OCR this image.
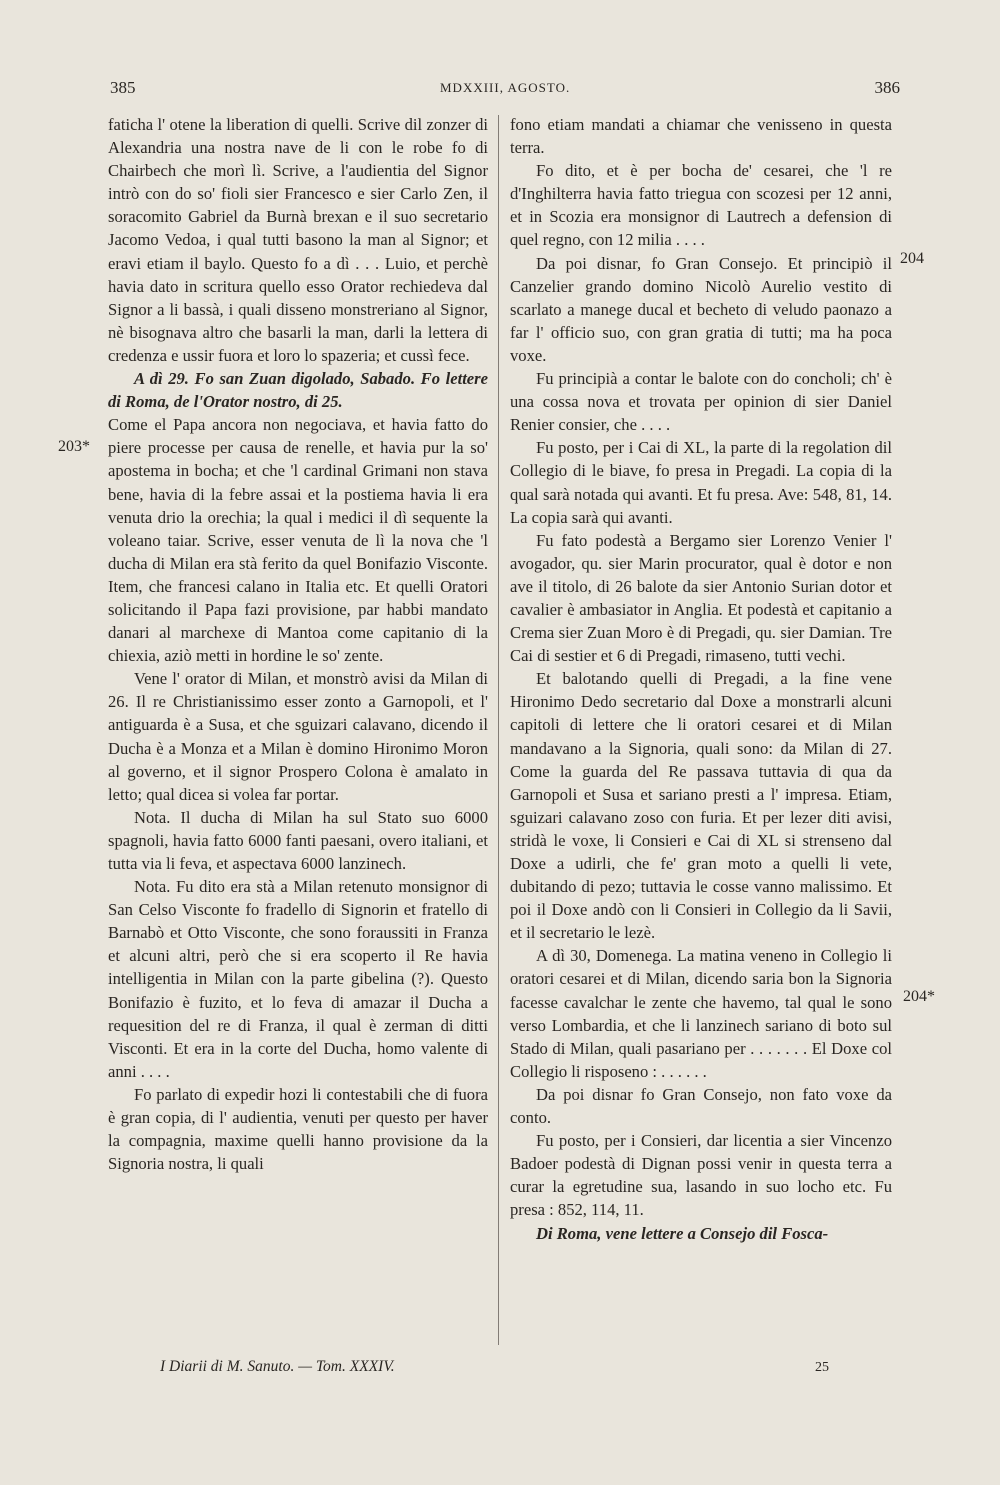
385	MDXXIII, AGOSTO.	386
203*
204
204*

faticha l' otene la liberation di quelli. Scrive dil zonzer di Alexandria una nostra nave de li con le robe fo di Chairbech che morì lì. Scrive, a l'audientia del Signor intrò con do so' fioli sier Francesco e sier Carlo Zen, il soracomito Gabriel da Burnà brexan e il suo secretario Jacomo Vedoa, i qual tutti basono la man al Signor; et eravi etiam il baylo. Questo fo a dì . . . Luio, et perchè havia dato in scritura quello esso Orator rechiedeva dal Signor a li bassà, i quali disseno monstreriano al Signor, nè bisognava altro che basarli la man, darli la lettera di credenza e ussir fuora et loro lo spazeria; et cussì fece.

A dì 29. Fo san Zuan digolado, Sabado. Fo lettere di Roma, de l'Orator nostro, di 25.

Come el Papa ancora non negociava, et havia fatto do piere processe per causa de renelle, et havia pur la so' apostema in bocha; et che 'l cardinal Grimani non stava bene, havia di la febre assai et la postiema havia li era venuta drio la orechia; la qual i medici il dì sequente la voleano taiar. Scrive, esser venuta de lì la nova che 'l ducha di Milan era stà ferito da quel Bonifazio Visconte. Item, che francesi calano in Italia etc. Et quelli Oratori solicitando il Papa fazi provisione, par habbi mandato danari al marchexe di Mantoa come capitanio di la chiexia, aziò metti in hordine le so' zente.

Vene l' orator di Milan, et monstrò avisi da Milan di 26. Il re Christianissimo esser zonto a Garnopoli, et l' antiguarda è a Susa, et che sguizari calavano, dicendo il Ducha è a Monza et a Milan è domino Hironimo Moron al governo, et il signor Prospero Colona è amalato in letto; qual dicea si volea far portar.

Nota. Il ducha di Milan ha sul Stato suo 6000 spagnoli, havia fatto 6000 fanti paesani, overo italiani, et tutta via li feva, et aspectava 6000 lanzinech.

Nota. Fu dito era stà a Milan retenuto monsignor di San Celso Visconte fo fradello di Signorin et fratello di Barnabò et Otto Visconte, che sono foraussiti in Franza et alcuni altri, però che si era scoperto il Re havia intelligentia in Milan con la parte gibelina (?). Questo Bonifazio è fuzito, et lo feva di amazar il Ducha a requesition del re di Franza, il qual è zerman di ditti Visconti. Et era in la corte del Ducha, homo valente di anni . . . .

Fo parlato di expedir hozi li contestabili che di fuora è gran copia, di l' audientia, venuti per questo per haver la compagnia, maxime quelli hanno provisione da la Signoria nostra, li quali

fono etiam mandati a chiamar che venisseno in questa terra.

Fo dito, et è per bocha de' cesarei, che 'l re d'Inghilterra havia fatto triegua con scozesi per 12 anni, et in Scozia era monsignor di Lautrech a defension di quel regno, con 12 milia . . . .

Da poi disnar, fo Gran Consejo. Et principiò il Canzelier grando domino Nicolò Aurelio vestito di scarlato a manege ducal et becheto di veludo paonazo a far l' officio suo, con gran gratia di tutti; ma ha poca voxe.

Fu principià a contar le balote con do concholi; ch' è una cossa nova et trovata per opinion di sier Daniel Renier consier, che . . . .

Fu posto, per i Cai di XL, la parte di la regolation dil Collegio di le biave, fo presa in Pregadi. La copia di la qual sarà notada qui avanti. Et fu presa. Ave: 548, 81, 14. La copia sarà qui avanti.

Fu fato podestà a Bergamo sier Lorenzo Venier l' avogador, qu. sier Marin procurator, qual è dotor e non ave il titolo, di 26 balote da sier Antonio Surian dotor et cavalier è ambasiator in Anglia. Et podestà et capitanio a Crema sier Zuan Moro è di Pregadi, qu. sier Damian. Tre Cai di sestier et 6 di Pregadi, rimaseno, tutti vechi.

Et balotando quelli di Pregadi, a la fine vene Hironimo Dedo secretario dal Doxe a monstrarli alcuni capitoli di lettere che li oratori cesarei et di Milan mandavano a la Signoria, quali sono: da Milan di 27. Come la guarda del Re passava tuttavia di qua da Garnopoli et Susa et sariano presti a l' impresa. Etiam, sguizari calavano zoso con furia. Et per lezer diti avisi, stridà le voxe, li Consieri e Cai di XL si strenseno dal Doxe a udirli, che fe' gran moto a quelli li vete, dubitando di pezo; tuttavia le cosse vanno malissimo. Et poi il Doxe andò con li Consieri in Collegio da li Savii, et il secretario le lezè.

A dì 30, Domenega. La matina veneno in Collegio li oratori cesarei et di Milan, dicendo saria bon la Signoria facesse cavalchar le zente che havemo, tal qual le sono verso Lombardia, et che li lanzinech sariano di boto sul Stado di Milan, quali pasariano per . . . . . . . El Doxe col Collegio li risposeno : . . . . . .

Da poi disnar fo Gran Consejo, non fato voxe da conto.

Fu posto, per i Consieri, dar licentia a sier Vincenzo Badoer podestà di Dignan possi venir in questa terra a curar la egretudine sua, lasando in suo locho etc. Fu presa : 852, 114, 11.

Di Roma, vene lettere a Consejo dil Fosca-

I Diarii di M. Sanuto. — Tom. XXXIV.	25
